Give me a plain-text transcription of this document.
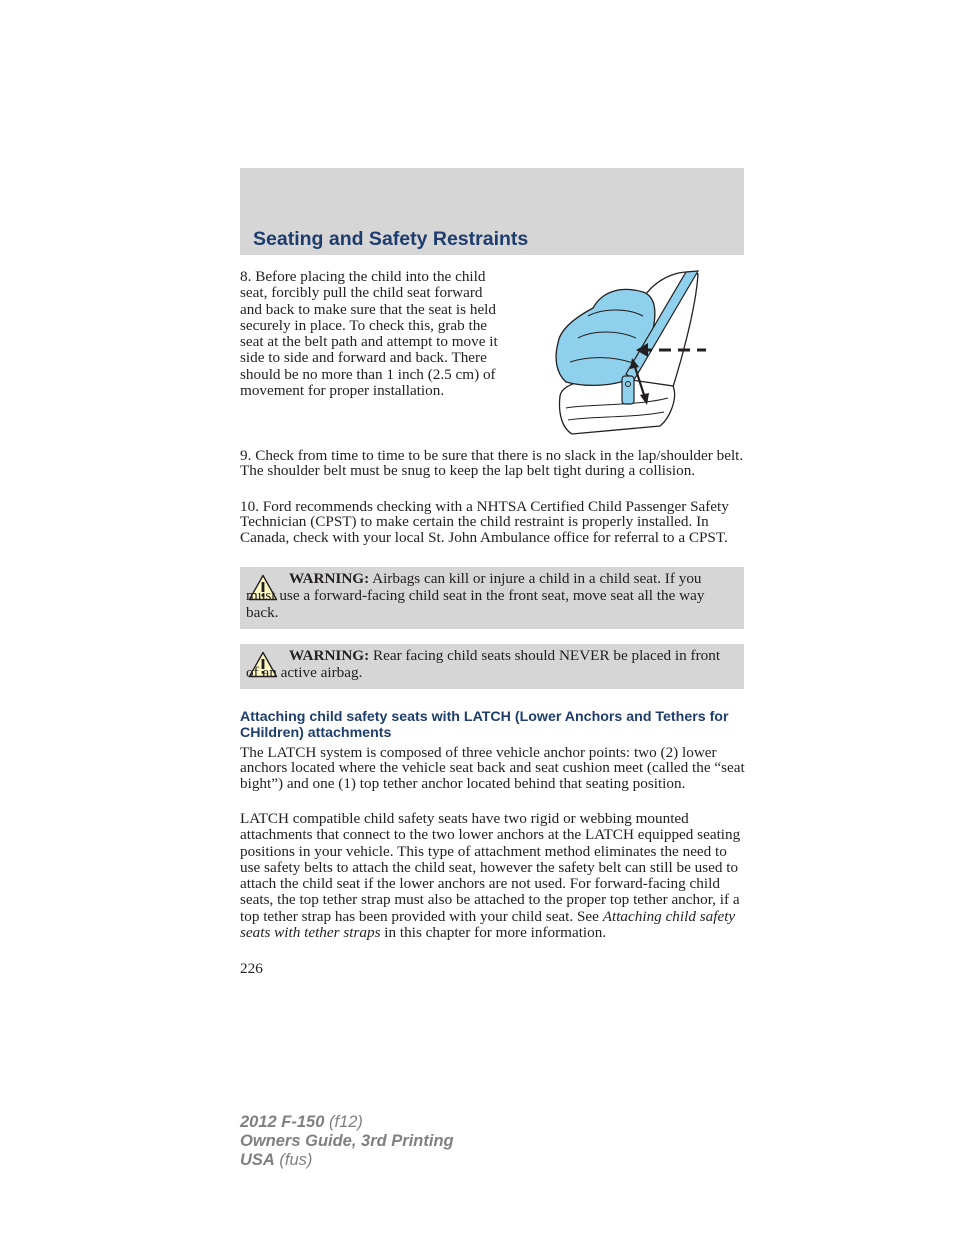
Seating and Safety Restraints

8. Before placing the child into the child seat, forcibly pull the child seat forward and back to make sure that the seat is held securely in place. To check this, grab the seat at the belt path and attempt to move it side to side and forward and back. There should be no more than 1 inch (2.5 cm) of movement for proper installation.

9. Check from time to time to be sure that there is no slack in the lap/shoulder belt. The shoulder belt must be snug to keep the lap belt tight during a collision.

10. Ford recommends checking with a NHTSA Certified Child Passenger Safety Technician (CPST) to make certain the child restraint is properly installed. In Canada, check with your local St. John Ambulance office for referral to a CPST.

WARNING: Airbags can kill or injure a child in a child seat. If you must use a forward-facing child seat in the front seat, move seat all the way back.

WARNING: Rear facing child seats should NEVER be placed in front of an active airbag.

Attaching child safety seats with LATCH (Lower Anchors and Tethers for CHildren) attachments

The LATCH system is composed of three vehicle anchor points: two (2) lower anchors located where the vehicle seat back and seat cushion meet (called the “seat bight”) and one (1) top tether anchor located behind that seating position.

LATCH compatible child safety seats have two rigid or webbing mounted attachments that connect to the two lower anchors at the LATCH equipped seating positions in your vehicle. This type of attachment method eliminates the need to use safety belts to attach the child seat, however the safety belt can still be used to attach the child seat if the lower anchors are not used. For forward-facing child seats, the top tether strap must also be attached to the proper top tether anchor, if a top tether strap has been provided with your child seat. See Attaching child safety seats with tether straps in this chapter for more information.

226
2012 F-150 (f12)
Owners Guide, 3rd Printing
USA (fus)
